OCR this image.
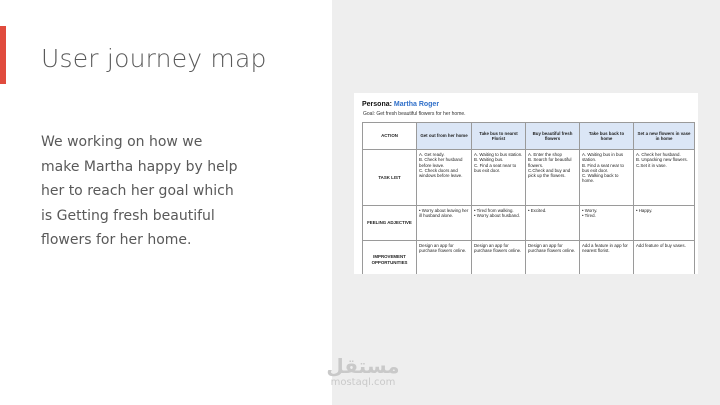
User journey map
We working on how we
make Martha happy by help
her to reach her goal which
is Getting fresh beautiful
flowers for her home.
Persona: Martha Roger
Goal: Get fresh beautiful flowers for her home.
ACTION	Get out from her home	Take bus to nearst Florist	Buy beautiful fresh flowers	Take bus back to home	Set a new flowers in vase in home
TASK LIST	A. Get ready.
B. Check her husband before leave.
C. Check doors and windows before leave.	A. Waiting to bus station.
B. Waiting bus.
C. Find a seat near to bus exit door.	A. Enter the shop
B. Search for beautiful flowers.
C.Check and buy and pick up the flowers.	A. Waiting bus in bus station.
B. Find a seat near to bus exit door.
C. Walking back to home.	A. Check her husband.
B. Unpacking new flowers.
C.Set it in vase.

FEELING ADJECTIVE	• Worry about leaving her ill husband alone.	• Tired from walking.
• Worry about husband.	• Excited.	• Worry.
• Tired.	• Happy.

IMPROVEMENT OPPORTUNITIES	Design an app for purchase flowers online.	Design an app for purchase flowers online.	Design an app for purchase flowers online.	Add a feature in app for nearest florist.	Add feature of buy vases.
مستقل
mostaql.com
